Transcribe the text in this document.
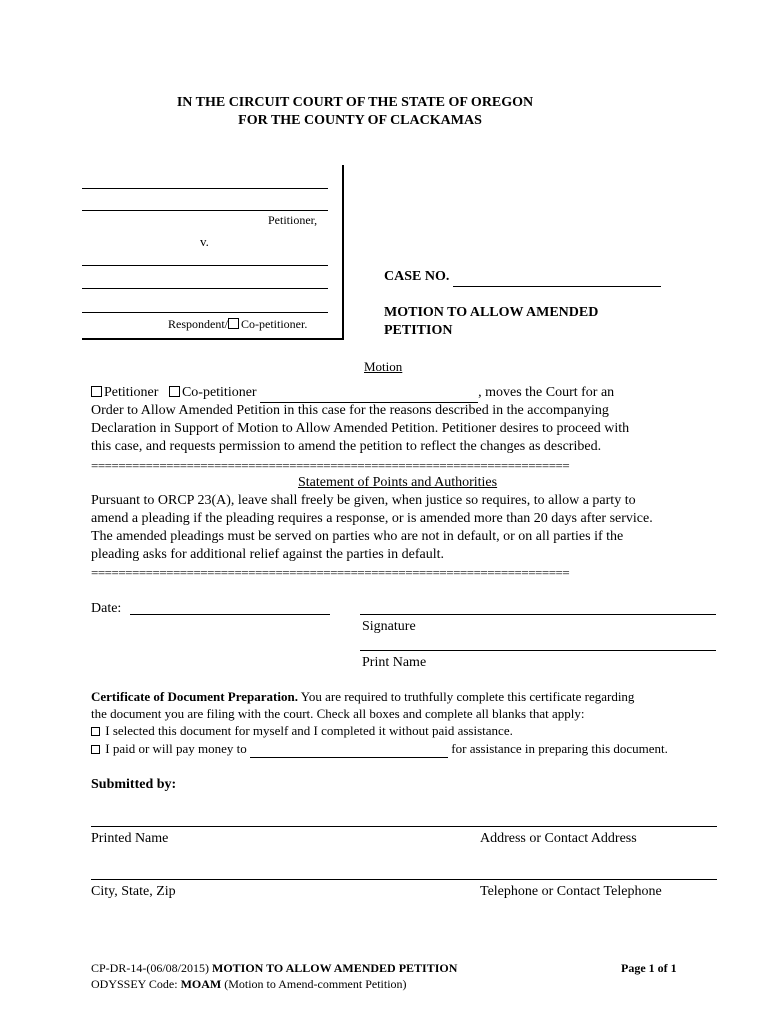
IN THE CIRCUIT COURT OF THE STATE OF OREGON
FOR THE COUNTY OF CLACKAMAS
Petitioner,
v.
Respondent/ Co-petitioner.
CASE NO.
MOTION TO ALLOW AMENDED
PETITION
Motion
Petitioner Co-petitioner	, moves the Court for an
Order to Allow Amended Petition in this case for the reasons described in the accompanying
Declaration in Support of Motion to Allow Amended Petition. Petitioner desires to proceed with
this case, and requests permission to amend the petition to reflect the changes as described.
======================================================================
Statement of Points and Authorities
Pursuant to ORCP 23(A), leave shall freely be given, when justice so requires, to allow a party to
amend a pleading if the pleading requires a response, or is amended more than 20 days after service.
The amended pleadings must be served on parties who are not in default, or on all parties if the
pleading asks for additional relief against the parties in default.
======================================================================
Date:
Signature
Print Name
Certificate of Document Preparation. You are required to truthfully complete this certificate regarding
the document you are filing with the court. Check all boxes and complete all blanks that apply:
I selected this document for myself and I completed it without paid assistance.
I paid or will pay money to	for assistance in preparing this document.
Submitted by:
Printed Name	Address or Contact Address
City, State, Zip	Telephone or Contact Telephone
CP-DR-14-(06/08/2015) MOTION TO ALLOW AMENDED PETITION	Page 1 of 1
ODYSSEY Code: MOAM (Motion to Amend-comment Petition)
